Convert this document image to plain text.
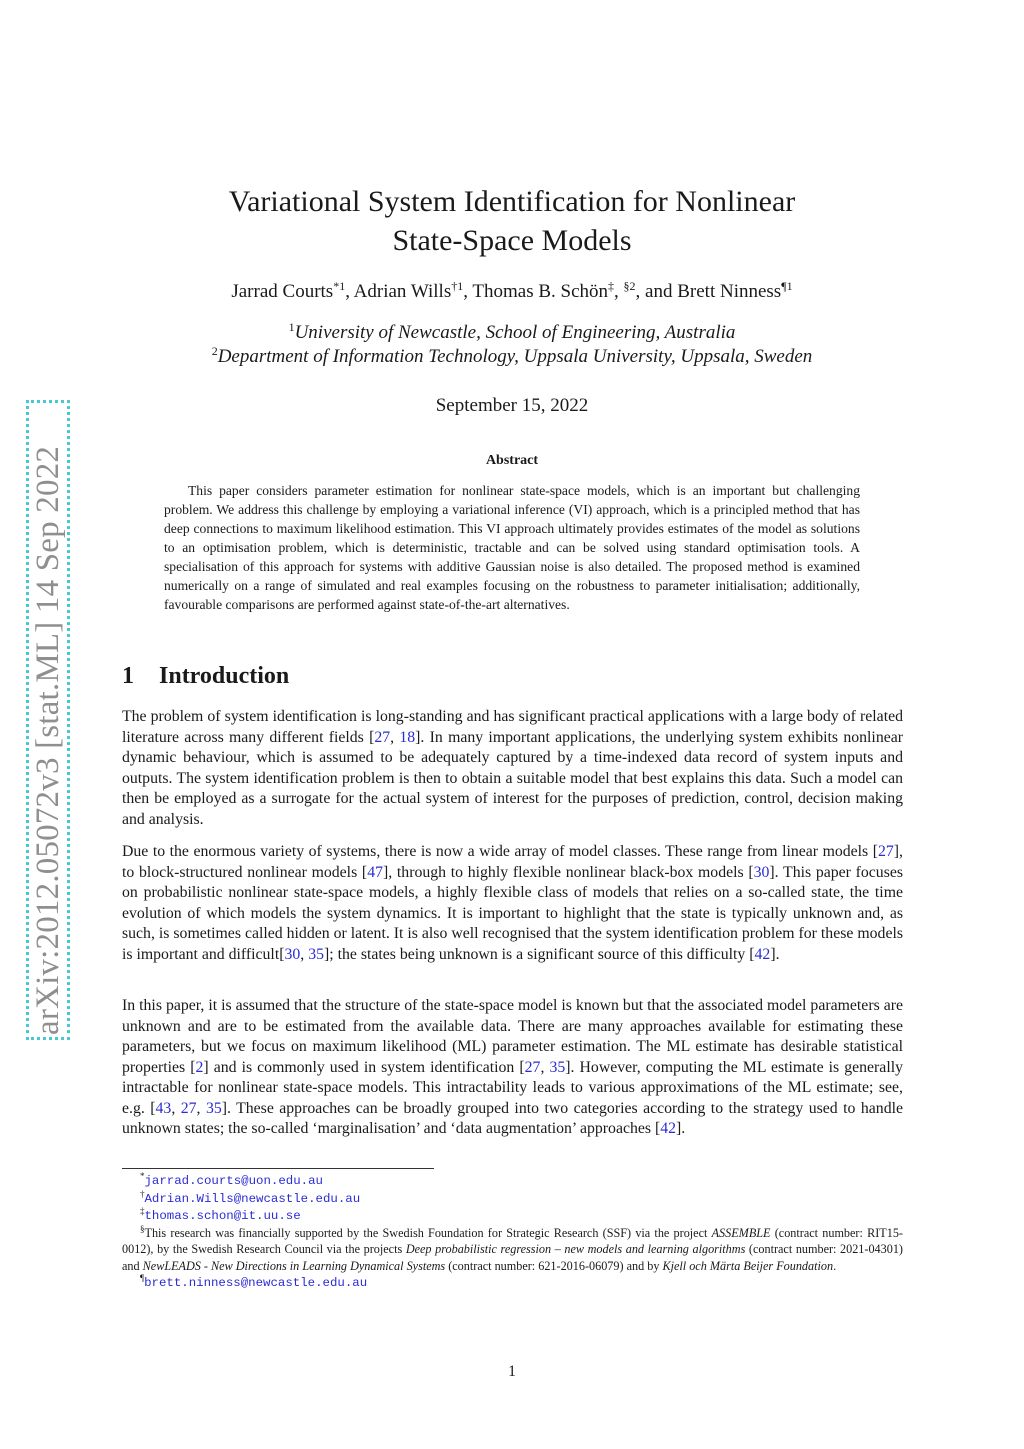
arXiv:2012.05072v3 [stat.ML] 14 Sep 2022
Variational System Identification for Nonlinear
State-Space Models
Jarrad Courts$^{*1}$, Adrian Wills$^{\dagger 1}$, Thomas B. Schön‡, $^{\S 2}$, and Brett Ninness$^{\P 1}$
$^1$University of Newcastle, School of Engineering, Australia
$^2$Department of Information Technology, Uppsala University, Uppsala, Sweden
September 15, 2022
Abstract

This paper considers parameter estimation for nonlinear state-space models, which is an important but challenging problem. We address this challenge by employing a variational inference (VI) approach, which is a principled method that has deep connections to maximum likelihood estimation. This VI approach ultimately provides estimates of the model as solutions to an optimisation problem, which is deterministic, tractable and can be solved using standard optimisation tools. A specialisation of this approach for systems with additive Gaussian noise is also detailed. The proposed method is examined numerically on a range of simulated and real examples focusing on the robustness to parameter initialisation; additionally, favourable comparisons are performed against state-of-the-art alternatives.

1 Introduction

The problem of system identification is long-standing and has significant practical applications with a large body of related literature across many different fields [27, 18]. In many important applications, the underlying system exhibits nonlinear dynamic behaviour, which is assumed to be adequately captured by a time-indexed data record of system inputs and outputs. The system identification problem is then to obtain a suitable model that best explains this data. Such a model can then be employed as a surrogate for the actual system of interest for the purposes of prediction, control, decision making and analysis.

Due to the enormous variety of systems, there is now a wide array of model classes. These range from linear models [27], to block-structured nonlinear models [47], through to highly flexible nonlinear black-box models [30]. This paper focuses on probabilistic nonlinear state-space models, a highly flexible class of models that relies on a so-called state, the time evolution of which models the system dynamics. It is important to highlight that the state is typically unknown and, as such, is sometimes called hidden or latent. It is also well recognised that the system identification problem for these models is important and difficult[30, 35]; the states being unknown is a significant source of this difficulty [42].

In this paper, it is assumed that the structure of the state-space model is known but that the associated model parameters are unknown and are to be estimated from the available data. There are many approaches available for estimating these parameters, but we focus on maximum likelihood (ML) parameter estimation. The ML estimate has desirable statistical properties [2] and is commonly used in system identification [27, 35]. However, computing the ML estimate is generally intractable for nonlinear state-space models. This intractability leads to various approximations of the ML estimate; see, e.g. [43, 27, 35]. These approaches can be broadly grouped into two categories according to the strategy used to handle unknown states; the so-called ‘marginalisation’ and ‘data augmentation’ approaches [42].

*jarrad.courts@uon.edu.au

†Adrian.Wills@newcastle.edu.au

‡thomas.schon@it.uu.se

§This research was financially supported by the Swedish Foundation for Strategic Research (SSF) via the project ASSEMBLE (contract number: RIT15-0012), by the Swedish Research Council via the projects Deep probabilistic regression – new models and learning algorithms (contract number: 2021-04301) and NewLEADS - New Directions in Learning Dynamical Systems (contract number: 621-2016-06079) and by Kjell och Märta Beijer Foundation.

¶brett.ninness@newcastle.edu.au

1
